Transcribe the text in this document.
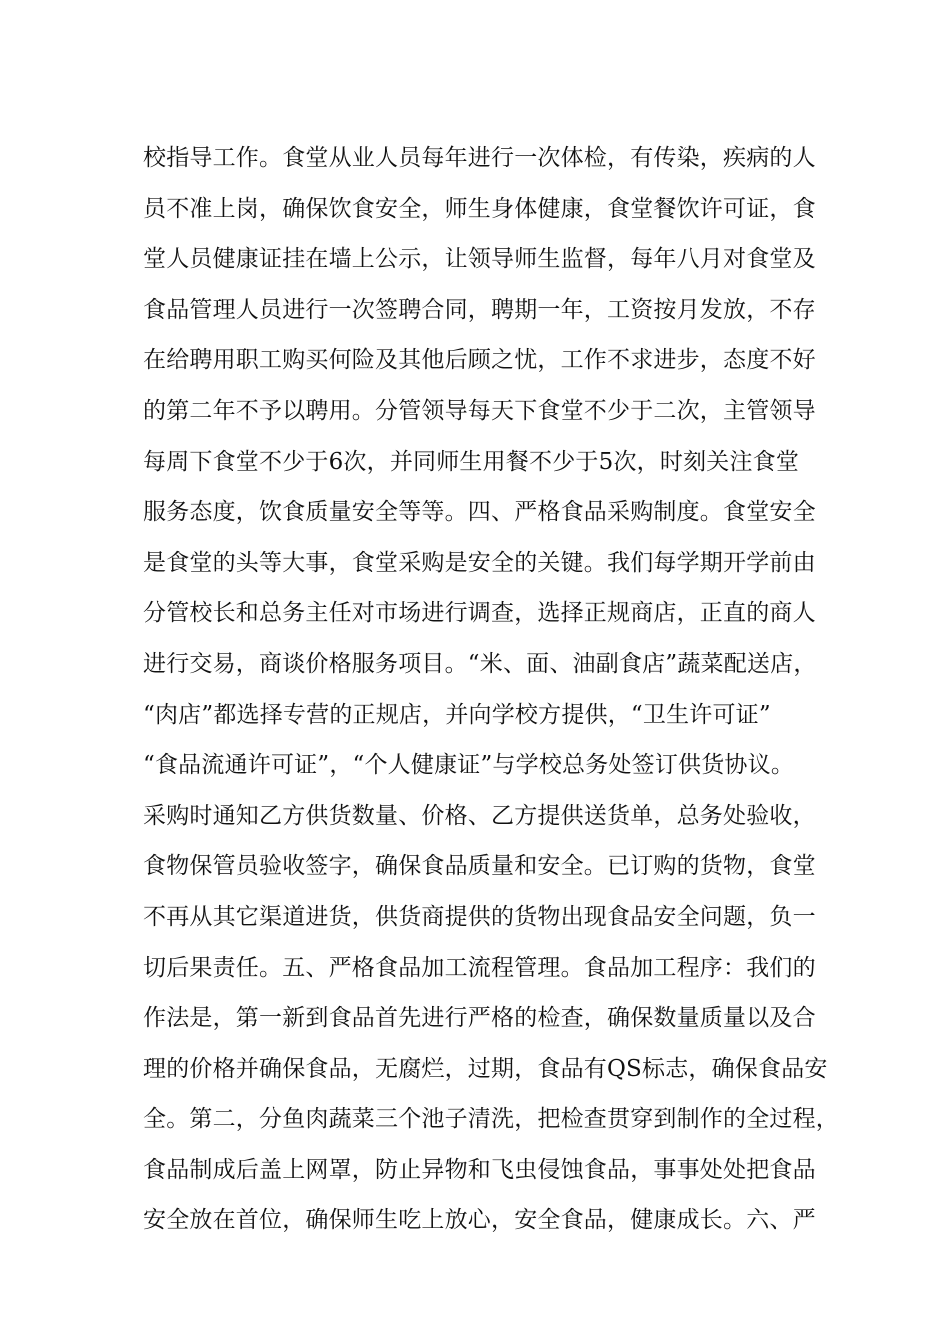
校指导工作。食堂从业人员每年进行一次体检，有传染，疾病的人
员不准上岗，确保饮食安全，师生身体健康，食堂餐饮许可证，食
堂人员健康证挂在墙上公示，让领导师生监督，每年八月对食堂及
食品管理人员进行一次签聘合同，聘期一年，工资按月发放，不存
在给聘用职工购买何险及其他后顾之忧，工作不求进步，态度不好
的第二年不予以聘用。分管领导每天下食堂不少于二次，主管领导
每周下食堂不少于6次，并同师生用餐不少于5次，时刻关注食堂
服务态度，饮食质量安全等等。四、严格食品采购制度。食堂安全
是食堂的头等大事，食堂采购是安全的关键。我们每学期开学前由
分管校长和总务主任对市场进行调查，选择正规商店，正直的商人
进行交易，商谈价格服务项目。“米、面、油副食店”蔬菜配送店，
“肉店”都选择专营的正规店，并向学校方提供，“卫生许可证”
“食品流通许可证”，“个人健康证”与学校总务处签订供货协议。
采购时通知乙方供货数量、价格、乙方提供送货单，总务处验收，
食物保管员验收签字，确保食品质量和安全。已订购的货物，食堂
不再从其它渠道进货，供货商提供的货物出现食品安全问题，负一
切后果责任。五、严格食品加工流程管理。食品加工程序：我们的
作法是，第一新到食品首先进行严格的检查，确保数量质量以及合
理的价格并确保食品，无腐烂，过期，食品有QS标志，确保食品安
全。第二，分鱼肉蔬菜三个池子清洗，把检查贯穿到制作的全过程，
食品制成后盖上网罩，防止异物和飞虫侵蚀食品，事事处处把食品
安全放在首位，确保师生吃上放心，安全食品，健康成长。六、严
